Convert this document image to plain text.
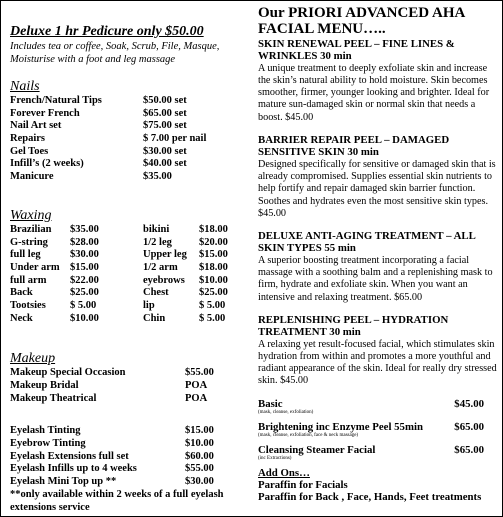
Deluxe 1 hr Pedicure only $50.00

Includes tea or coffee, Soak, Scrub, File, Masque, Moisturise with a foot and leg massage

Nails

French/Natural Tips	$50.00 set
Forever French	$65.00 set
Nail Art set	$75.00 set
Repairs	$ 7.00 per nail
Gel Toes	$30.00 set
Infill’s (2 weeks)	$40.00 set
Manicure	$35.00

Waxing

Brazilian $35.00	bikini	$18.00
G-string $28.00	1/2 leg	$20.00
full leg	$30.00	Upper leg $15.00
Under arm $15.00	1/2 arm $18.00
full arm $22.00	eyebrows $10.00
Back	$25.00	Chest	$25.00
Tootsies $ 5.00	lip	$ 5.00
Neck	$10.00	Chin	$ 5.00

Makeup

Makeup Special Occasion	$55.00
Makeup Bridal	POA
Makeup Theatrical	POA
Eyelash Tinting	$15.00
Eyebrow Tinting	$10.00
Eyelash Extensions full set	$60.00
Eyelash Infills up to 4 weeks	$55.00
Eyelash Mini Top up **	$30.00
**only available within 2 weeks of a full eyelash
extensions service

Our PRIORI ADVANCED AHA

FACIAL MENU…..

SKIN RENEWAL PEEL – FINE LINES & WRINKLES 30 min

A unique treatment to deeply exfoliate skin and increase the skin’s natural ability to hold moisture. Skin becomes smoother, firmer, younger looking and brighter. Ideal for mature sun-damaged skin or normal skin that needs a boost. $45.00

BARRIER REPAIR PEEL – DAMAGED SENSITIVE SKIN 30 min

Designed specifically for sensitive or damaged skin that is already compromised. Supplies essential skin nutrients to help fortify and repair damaged skin barrier function. Soothes and hydrates even the most sensitive skin types. $45.00

DELUXE ANTI-AGING TREATMENT – ALL SKIN TYPES 55 min

A superior boosting treatment incorporating a facial massage with a soothing balm and a replenishing mask to firm, hydrate and exfoliate skin. When you want an intensive and relaxing treatment. $65.00

REPLENISHING PEEL – HYDRATION TREATMENT 30 min

A relaxing yet result-focused facial, which stimulates skin hydration from within and promotes a more youthful and radiant appearance of the skin. Ideal for really dry stressed skin. $45.00

Basic	$45.00
(mask, cleanse, exfoliation)
Brightening inc Enzyme Peel 55min	$65.00
(mask, cleanse, exfoliation, face & neck massage)
Cleansing Steamer Facial	$65.00
(inc Extractions)
Add Ons…
Paraffin for Facials
Paraffin for Back , Face, Hands, Feet treatments
